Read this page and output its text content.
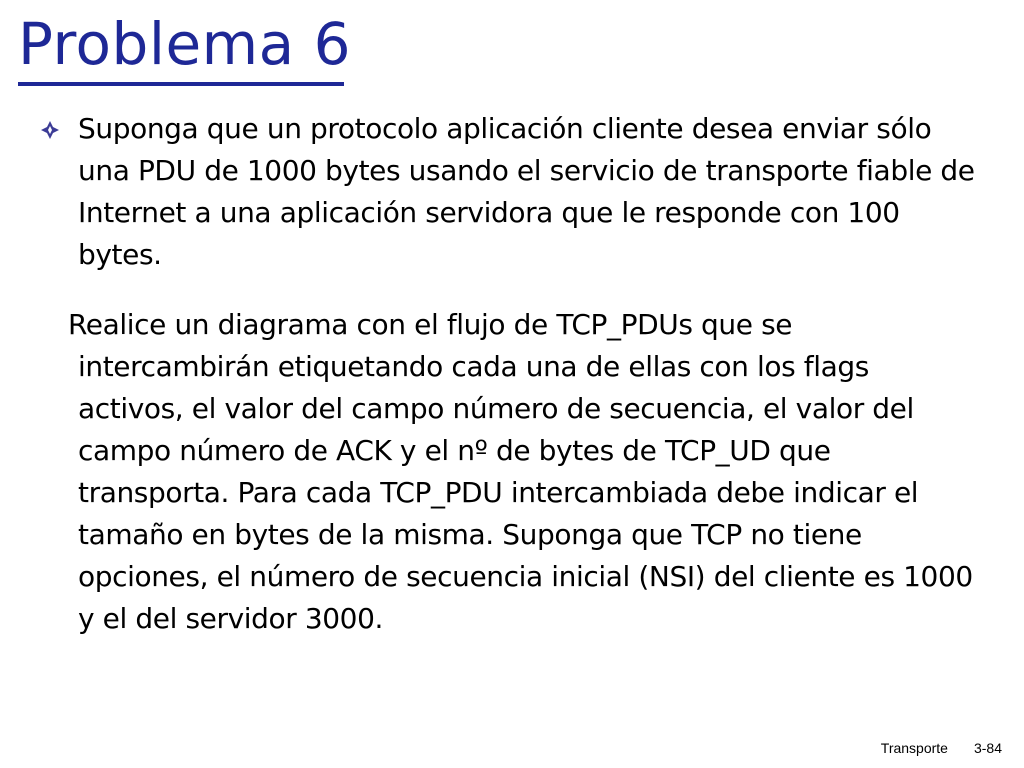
Problema 6
Suponga que un protocolo aplicación cliente desea enviar sólo una PDU de 1000 bytes usando el servicio de transporte fiable de Internet a una aplicación servidora que le responde con 100 bytes.
Realice un diagrama con el flujo de TCP_PDUs que se intercambirán etiquetando cada una de ellas con los flags activos, el valor del campo número de secuencia, el valor del campo número de ACK y el nº de bytes de TCP_UD que transporta. Para cada TCP_PDU intercambiada debe indicar el tamaño en bytes de la misma. Suponga que TCP no tiene opciones, el número de secuencia inicial (NSI) del cliente es 1000 y el del servidor 3000.
Transporte 3-84
